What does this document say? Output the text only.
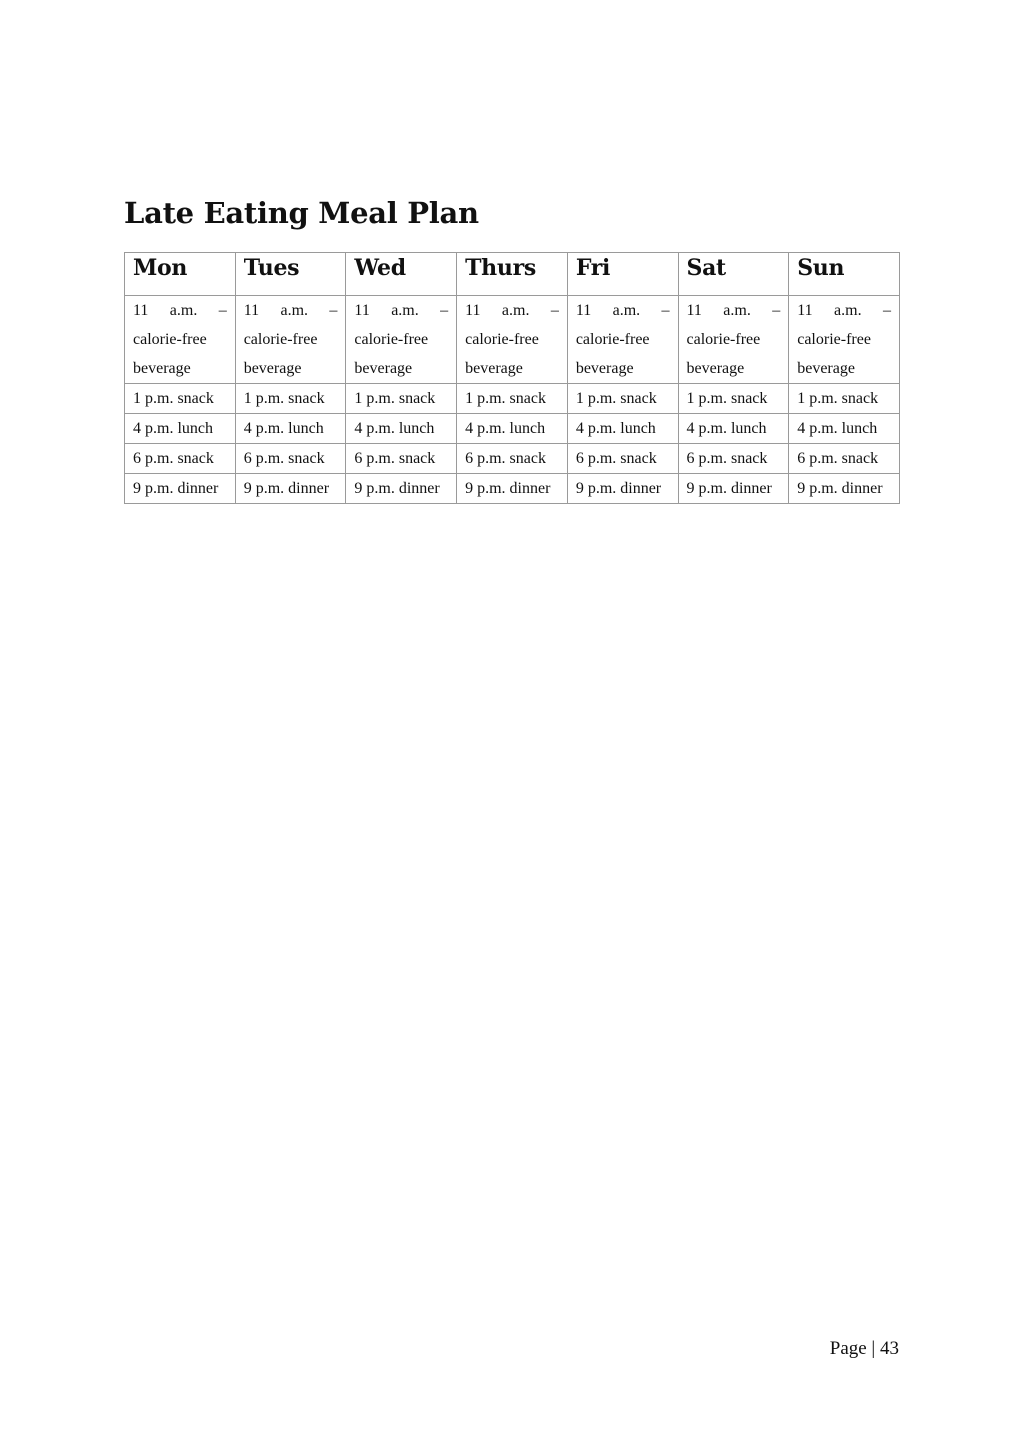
Late Eating Meal Plan
Mon	Tues	Wed	Thurs	Fri	Sat	Sun

11 a.m. – calorie-free beverage	11 a.m. – calorie-free beverage	11 a.m. – calorie-free beverage	11 a.m. – calorie-free beverage	11 a.m. – calorie-free beverage	11 a.m. – calorie-free beverage	11 a.m. – calorie-free beverage

1 p.m. snack	1 p.m. snack	1 p.m. snack	1 p.m. snack	1 p.m. snack	1 p.m. snack	1 p.m. snack

4 p.m. lunch	4 p.m. lunch	4 p.m. lunch	4 p.m. lunch	4 p.m. lunch	4 p.m. lunch	4 p.m. lunch

6 p.m. snack	6 p.m. snack	6 p.m. snack	6 p.m. snack	6 p.m. snack	6 p.m. snack	6 p.m. snack

9 p.m. dinner	9 p.m. dinner	9 p.m. dinner	9 p.m. dinner	9 p.m. dinner	9 p.m. dinner	9 p.m. dinner
Page | 43
